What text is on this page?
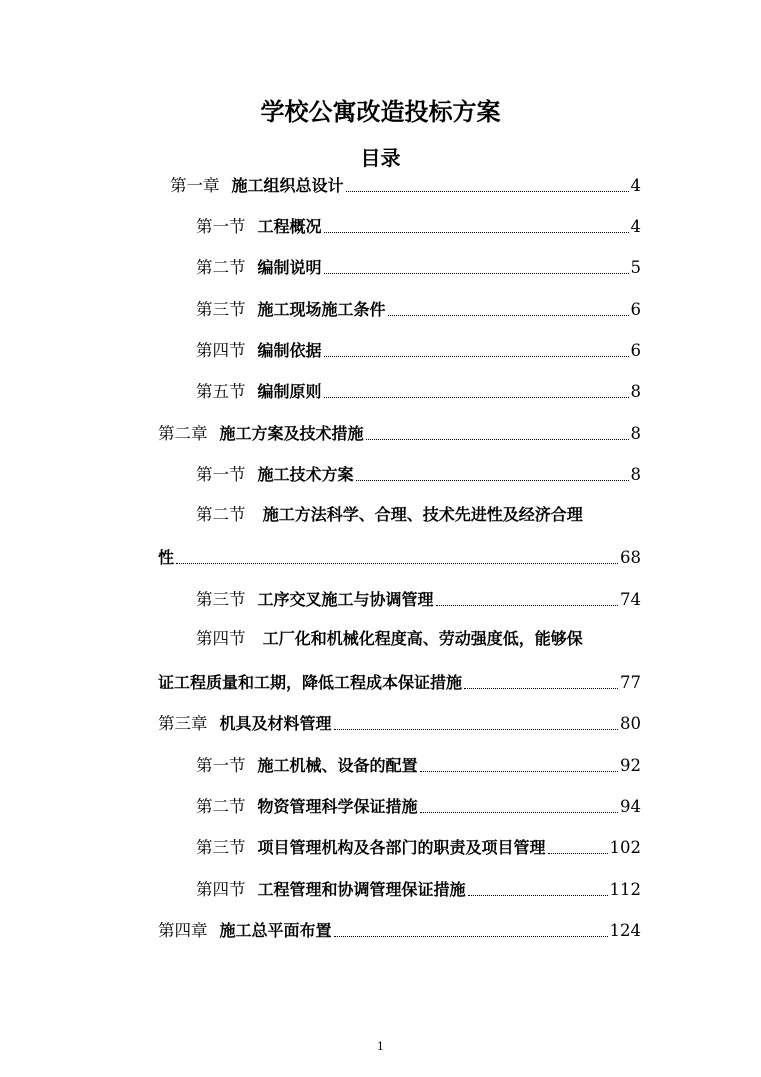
学校公寓改造投标方案
目录
第一章 施工组织总设计	4
第一节 工程概况	4
第二节 编制说明	5
第三节 施工现场施工条件	6
第四节 编制依据	6
第五节 编制原则	8
第二章 施工方案及技术措施	8
第一节 施工技术方案	8
第二节 施工方法科学、合理、技术先进性及经济合理
性	68
第三节 工序交叉施工与协调管理	74
第四节 工厂化和机械化程度高、劳动强度低，能够保
证工程质量和工期，降低工程成本保证措施	77
第三章 机具及材料管理	80
第一节 施工机械、设备的配置	92
第二节 物资管理科学保证措施	94
第三节 项目管理机构及各部门的职责及项目管理	102
第四节 工程管理和协调管理保证措施	112
第四章 施工总平面布置	124
1
